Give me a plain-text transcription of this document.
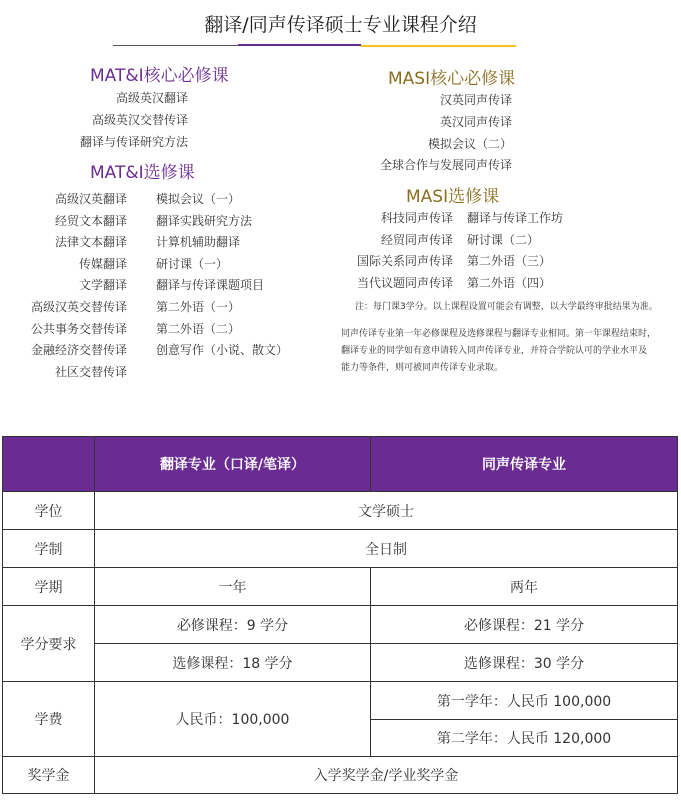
翻译/同声传译硕士专业课程介绍
MAT&I核心必修课
高级英汉翻译
高级英汉交替传译
翻译与传译研究方法
MAT&I选修课
高级汉英翻译
经贸文本翻译
法律文本翻译
传媒翻译
文学翻译
高级汉英交替传译
公共事务交替传译
金融经济交替传译
社区交替传译
模拟会议（一）
翻译实践研究方法
计算机辅助翻译
研讨课（一）
翻译与传译课题项目
第二外语（一）
第二外语（二）
创意写作（小说、散文）
MASI核心必修课
汉英同声传译
英汉同声传译
模拟会议（二）
全球合作与发展同声传译
MASI选修课
科技同声传译
经贸同声传译
国际关系同声传译
当代议题同声传译
翻译与传译工作坊
研讨课（二）
第二外语（三）
第二外语（四）
注：每门课3学分。以上课程设置可能会有调整，以大学最终审批结果为准。
同声传译专业第一年必修课程及选修课程与翻译专业相同。第一年课程结束时，
翻译专业的同学如有意申请转入同声传译专业，并符合学院认可的学业水平及
能力等条件，则可被同声传译专业录取。
	翻译专业（口译/笔译）	同声传译专业
学位	文学硕士	
学制	全日制	
学期	一年	两年
学分要求	必修课程：9 学分	必修课程：21 学分
	选修课程：18 学分	选修课程：30 学分
学费	人民币：100,000	第一学年：人民币 100,000
		第二学年：人民币 120,000
奖学金	入学奖学金/学业奖学金	
